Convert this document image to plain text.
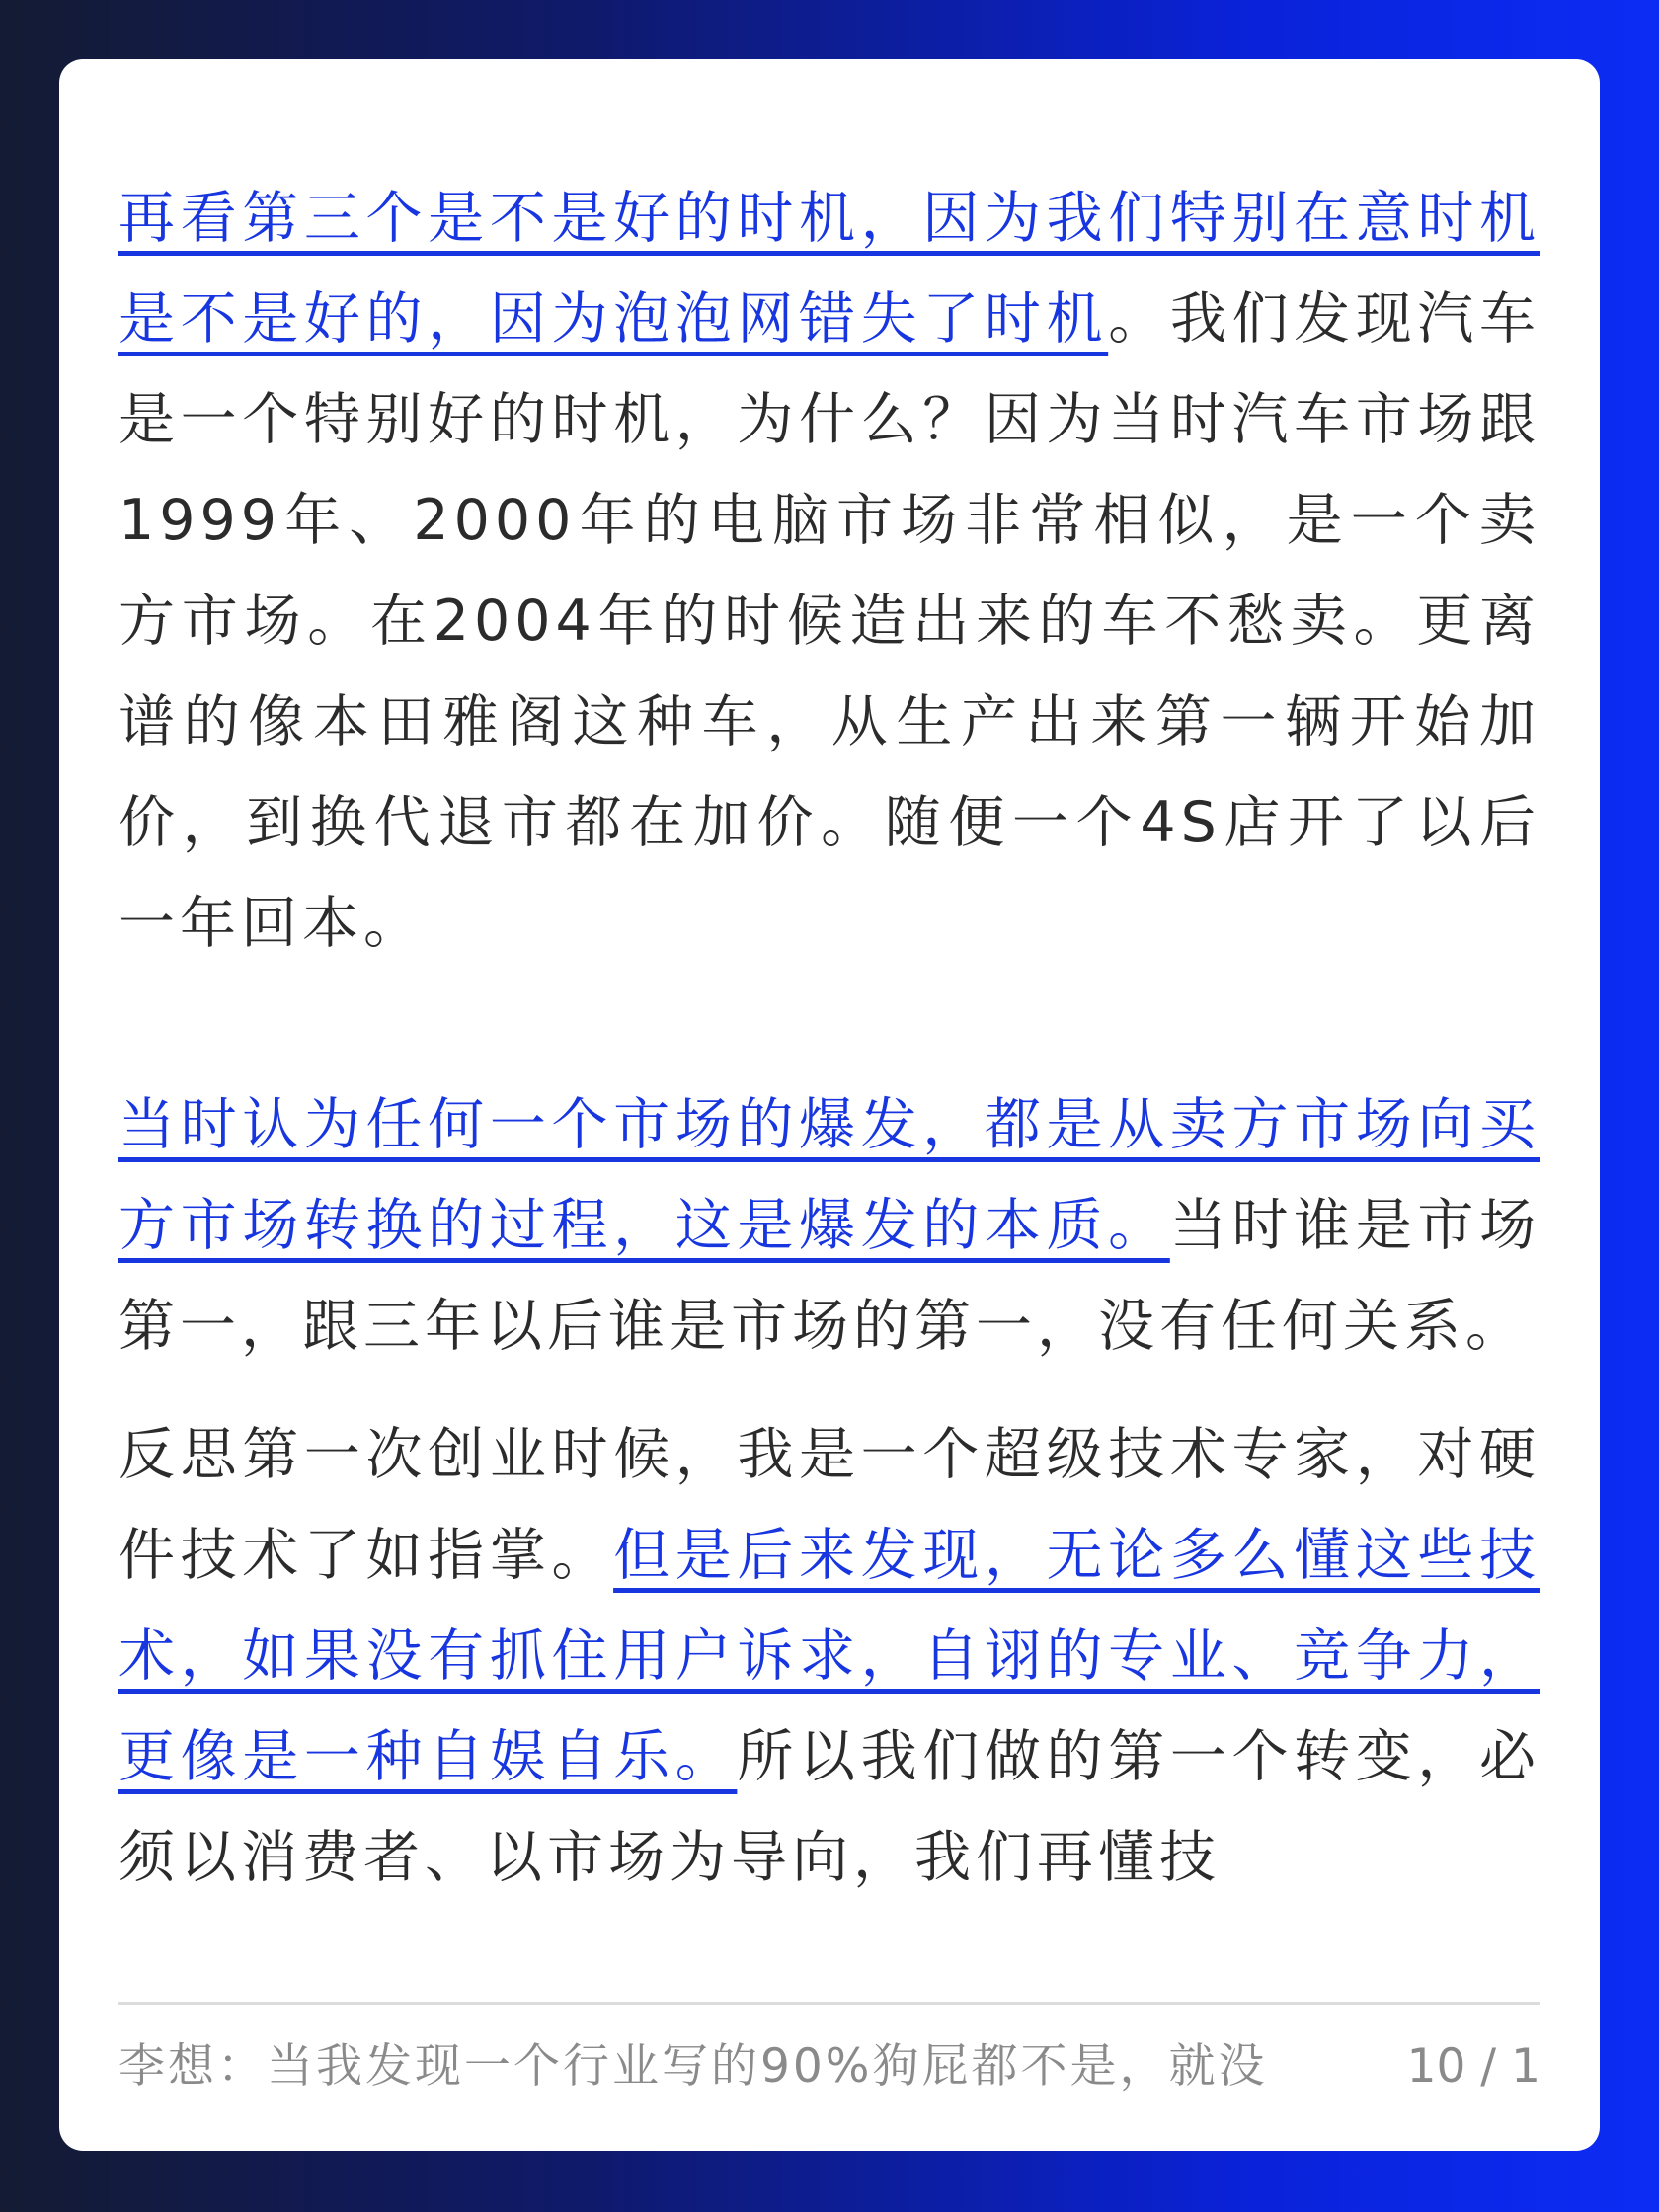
再看第三个是不是好的时机，因为我们特别在意时机是不是好的，因为泡泡网错失了时机。我们发现汽车是一个特别好的时机，为什么？因为当时汽车市场跟1999年、2000年的电脑市场非常相似，是一个卖方市场。在2004年的时候造出来的车不愁卖。更离谱的像本田雅阁这种车，从生产出来第一辆开始加价，到换代退市都在加价。随便一个4S店开了以后一年回本。

当时认为任何一个市场的爆发，都是从卖方市场向买方市场转换的过程，这是爆发的本质。当时谁是市场第一，跟三年以后谁是市场的第一，没有任何关系。

反思第一次创业时候，我是一个超级技术专家，对硬件技术了如指掌。但是后来发现，无论多么懂这些技术，如果没有抓住用户诉求，自诩的专业、竞争力，更像是一种自娱自乐。所以我们做的第一个转变，必须以消费者、以市场为导向，我们再懂技

李想：当我发现一个行业写的90%狗屁都不是，就没	10 / 1
